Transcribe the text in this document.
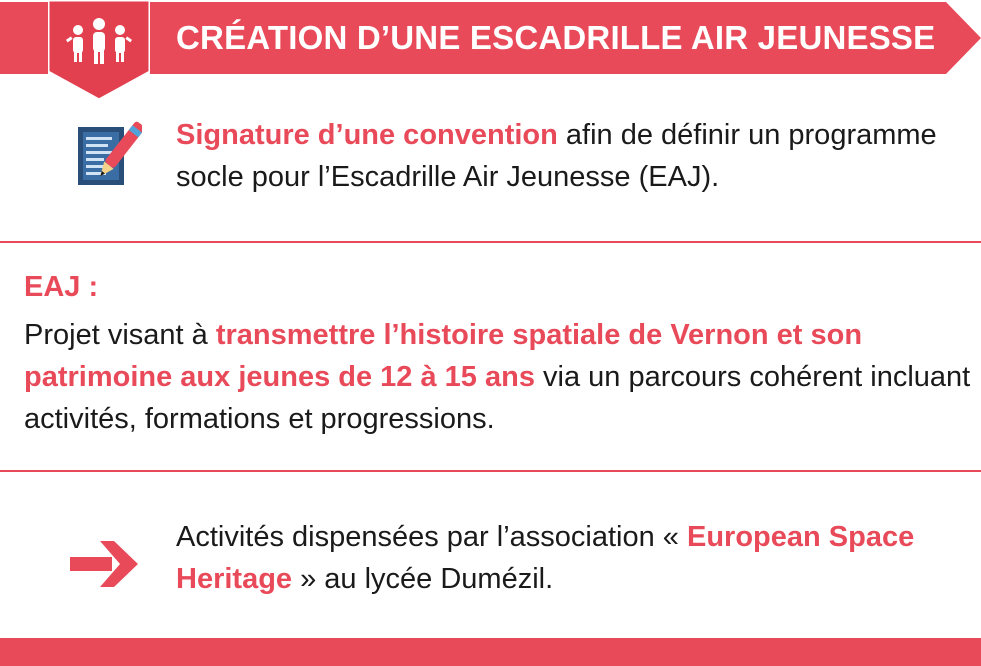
CRÉATION D’UNE ESCADRILLE AIR JEUNESSE

Signature d’une convention afin de définir un programme socle pour l’Escadrille Air Jeunesse (EAJ).

EAJ :

Projet visant à transmettre l’histoire spatiale de Vernon et son patrimoine aux jeunes de 12 à 15 ans via un parcours cohérent incluant activités, formations et progressions.

Activités dispensées par l’association « European Space Heritage » au lycée Dumézil.
